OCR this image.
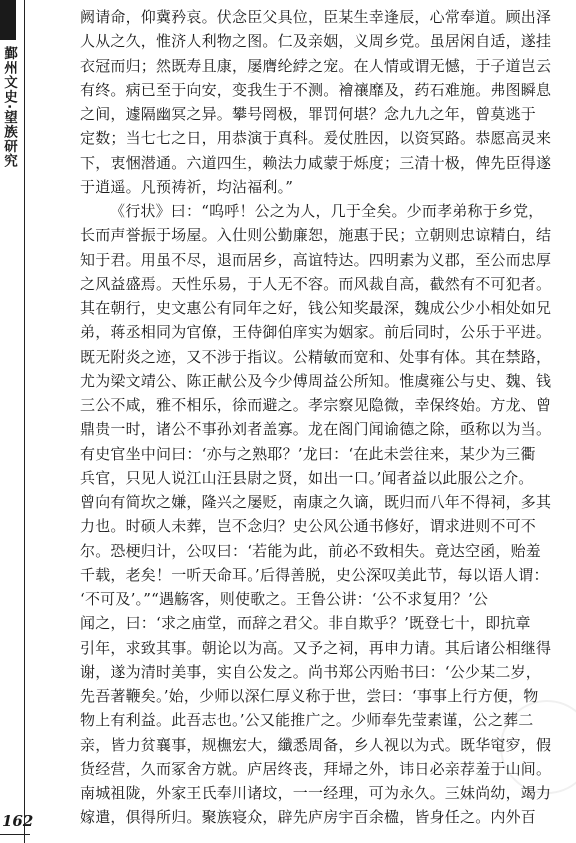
鄞州文史·望族研究
阙请命，仰冀矜哀。伏念臣父具位，臣某生幸逢辰，心常奉道。顾出泽
人从之久，惟济人利物之图。仁及亲姻，义周乡党。虽居闲自适，遂挂
衣冠而归；然既寿且康，屡膺纶綍之宠。在人情或谓无憾，于子道岂云
有终。病已至于向安，变我生于不测。襘禳靡及，药石难施。弗图瞬息
之间，遽隔幽冥之异。攀号罔极，罪罚何堪？念九九之年，曾莫逃于
定数；当七七之日，用恭演于真科。爰仗胜因，以资冥路。恭愿高灵来
下，衷悃潜通。六道四生，赖法力咸蒙于烁度；三清十极，俾先臣得遂
于逍遥。凡预祷祈，均沾福利。”
《行状》曰：“呜呼！公之为人，几于全矣。少而孝弟称于乡党，
长而声誉振于场屋。入仕则公勤廉恕，施惠于民；立朝则忠谅精白，结
知于君。用虽不尽，退而居乡，高谊特达。四明素为义郡，至公而忠厚
之风益盛焉。天性乐易，于人无不容。而风裁自高，截然有不可犯者。
其在朝行，史文惠公有同年之好，钱公知奖最深，魏成公少小相处如兄
弟，蒋丞相同为官僚，王侍御伯庠实为姻家。前后同时，公乐于平进。
既无附炎之迹，又不涉于指议。公精敏而宽和、处事有体。其在禁路，
尤为梁文靖公、陈正献公及今少傅周益公所知。惟虞雍公与史、魏、钱
三公不咸，雅不相乐，徐而避之。孝宗察见隐微，幸保终始。方龙、曾
鼎贵一时，诸公不事孙刘者盖寡。龙在阁门闻谕德之除，亟称以为当。
有史官坐中问曰：‘亦与之熟耶？’龙曰：‘在此未尝往来，某少为三衢
兵官，只见人说江山汪县尉之贤，如出一口。’闻者益以此服公之介。
曾向有简坎之嫌，隆兴之屡贬，南康之久谪，既归而八年不得祠，多其
力也。时硕人未葬，岂不念归？史公风公通书修好，谓求进则不可不
尔。恐梗归计，公叹曰：‘若能为此，前必不致相失。竟达空函，贻羞
千载，老矣！一听天命耳。’后得善脱，史公深叹美此节，每以语人谓：
‘不可及’。”“遇觞客，则使歌之。王鲁公讲：‘公不求复用？’公
闻之，曰：‘求之庙堂，而辞之君父。非自欺乎？’既登七十，即抗章
引年，求致其事。朝论以为高。又予之祠，再申力请。其后诸公相继得
谢，遂为清时美事，实自公发之。尚书郑公丙贻书曰：‘公少某二岁，
先吾著鞭矣。’始，少师以深仁厚义称于世，尝曰：‘事事上行方便，物
物上有利益。此吾志也。’公又能推广之。少师奉先莹素谨，公之葬二
亲，皆力贫襄事，规橅宏大，纖悉周备，乡人视以为式。既华窀穸，假
货经营，久而冢舍方就。庐居终丧，拜埽之外，讳日必亲荐羞于山间。
南城祖陇，外家王氏奉川诸坟，一一经理，可为永久。三妹尚幼，竭力
嫁遣，俱得所归。聚族寝众，辟先庐房宇百余楹，皆身任之。内外百
162
